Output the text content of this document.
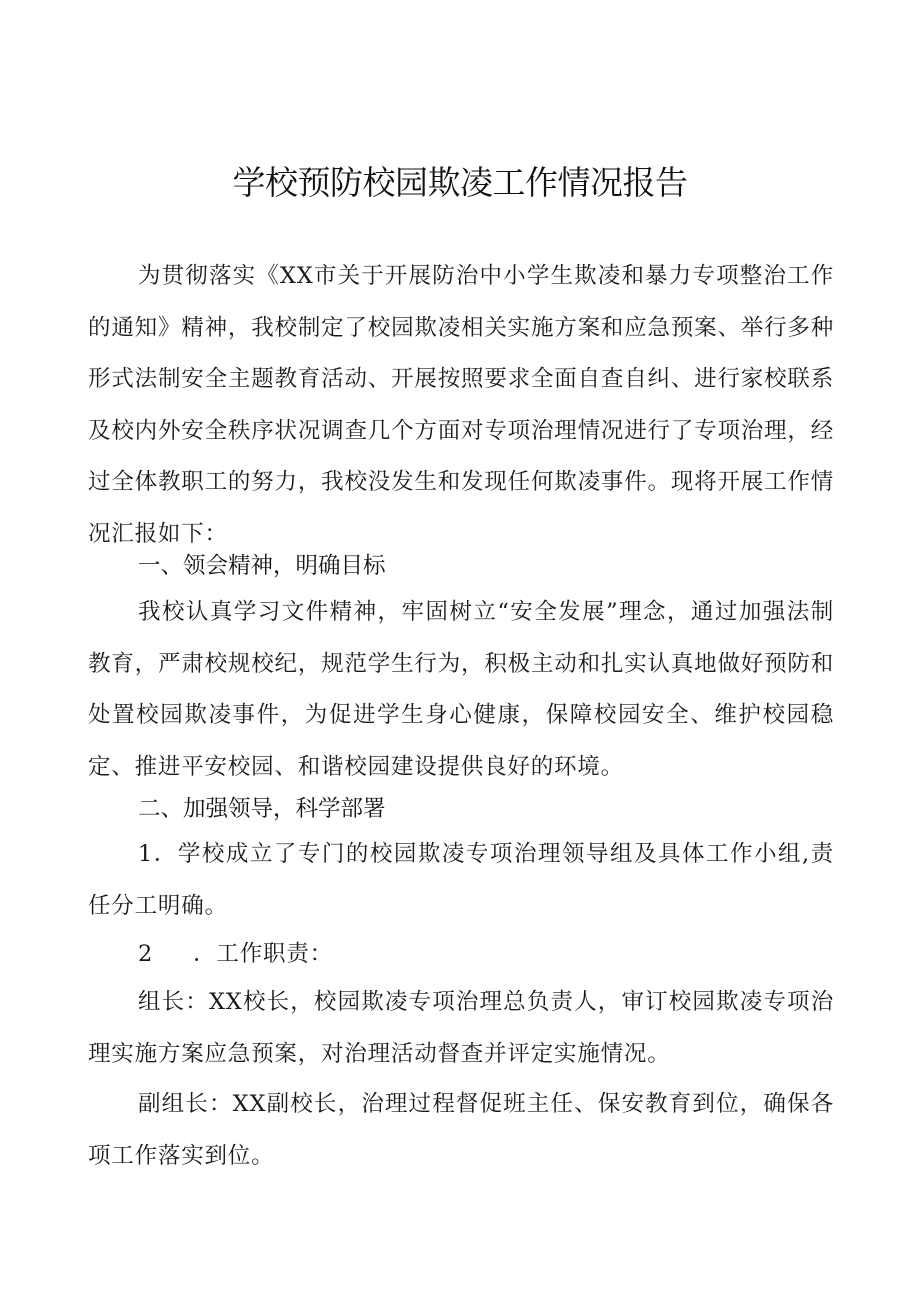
学校预防校园欺凌工作情况报告

为贯彻落实《XX市关于开展防治中小学生欺凌和暴力专项整治工作的通知》精神，我校制定了校园欺凌相关实施方案和应急预案、举行多种形式法制安全主题教育活动、开展按照要求全面自查自纠、进行家校联系及校内外安全秩序状况调查几个方面对专项治理情况进行了专项治理，经过全体教职工的努力，我校没发生和发现任何欺凌事件。现将开展工作情况汇报如下：

一、领会精神，明确目标

我校认真学习文件精神，牢固树立“安全发展”理念，通过加强法制教育，严肃校规校纪，规范学生行为，积极主动和扎实认真地做好预防和处置校园欺凌事件，为促进学生身心健康，保障校园安全、维护校园稳定、推进平安校园、和谐校园建设提供良好的环境。

二、加强领导，科学部署

1．学校成立了专门的校园欺凌专项治理领导组及具体工作小组,责任分工明确。

2 ．工作职责：

组长：XX校长，校园欺凌专项治理总负责人，审订校园欺凌专项治理实施方案应急预案，对治理活动督查并评定实施情况。

副组长：XX副校长，治理过程督促班主任、保安教育到位，确保各项工作落实到位。
